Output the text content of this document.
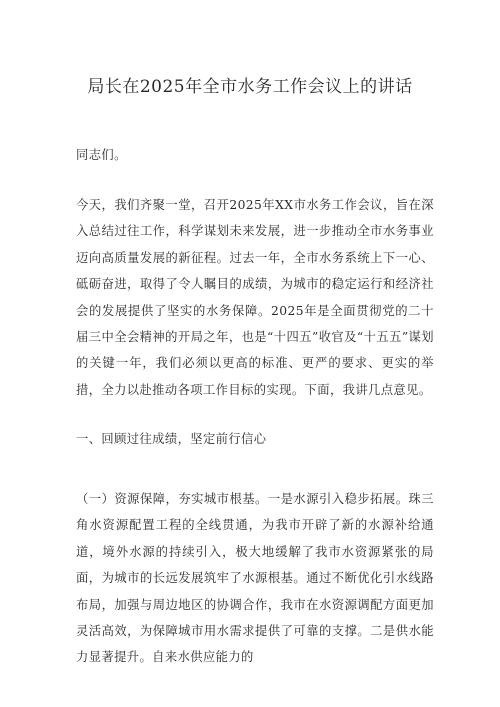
局长在2025年全市水务工作会议上的讲话
同志们。
今天，我们齐聚一堂，召开2025年XX市水务工作会议，旨在深入总结过往工作，科学谋划未来发展，进一步推动全市水务事业迈向高质量发展的新征程。过去一年，全市水务系统上下一心、砥砺奋进，取得了令人瞩目的成绩，为城市的稳定运行和经济社会的发展提供了坚实的水务保障。2025年是全面贯彻党的二十届三中全会精神的开局之年，也是“十四五”收官及“十五五”谋划的关键一年，我们必须以更高的标准、更严的要求、更实的举措，全力以赴推动各项工作目标的实现。下面，我讲几点意见。
一、回顾过往成绩，坚定前行信心
（一）资源保障，夯实城市根基。一是水源引入稳步拓展。珠三角水资源配置工程的全线贯通，为我市开辟了新的水源补给通道，境外水源的持续引入，极大地缓解了我市水资源紧张的局面，为城市的长远发展筑牢了水源根基。通过不断优化引水线路布局，加强与周边地区的协调合作，我市在水资源调配方面更加灵活高效，为保障城市用水需求提供了可靠的支撑。二是供水能力显著提升。自来水供应能力的
